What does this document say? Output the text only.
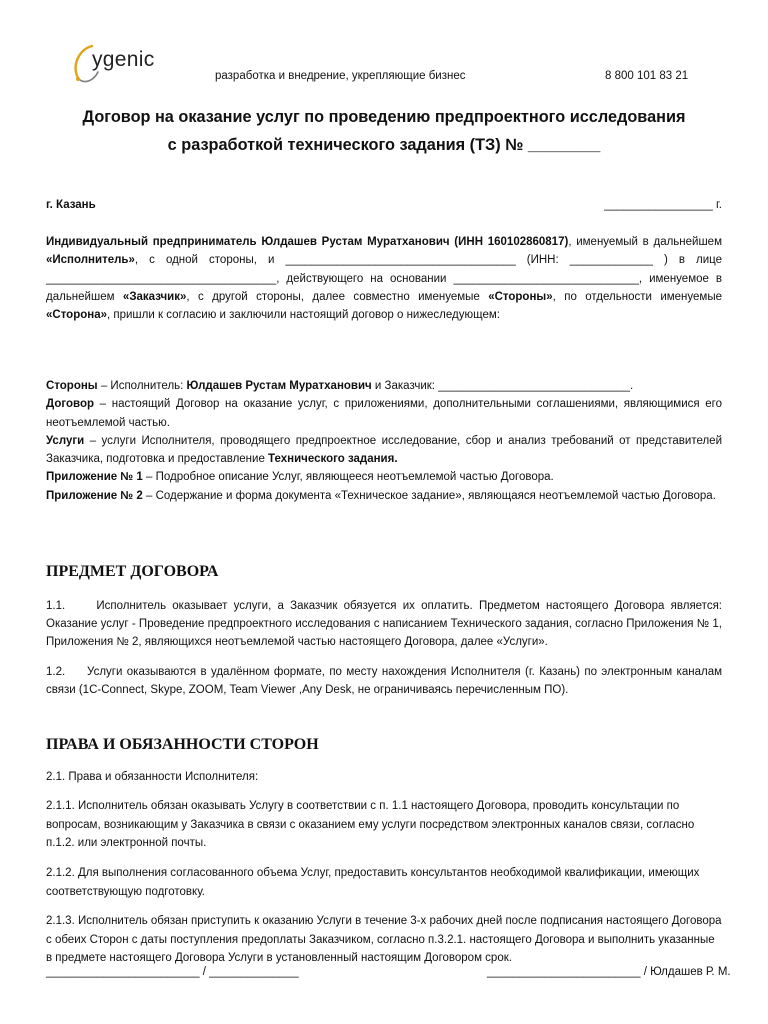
ygenic
разработка и внедрение, укрепляющие бизнес	8 800 101 83 21
Договор на оказание услуг по проведению предпроектного исследования
с разработкой технического задания (ТЗ) № ________
г. Казань	_________________ г.
Индивидуальный предприниматель Юлдашев Рустам Муратханович (ИНН 160102860817), именуемый в дальнейшем «Исполнитель», с одной стороны, и ____________________________________ (ИНН: _____________ ) в лице ____________________________________, действующего на основании _____________________________, именуемое в дальнейшем «Заказчик», с другой стороны, далее совместно именуемые «Стороны», по отдельности именуемые «Сторона», пришли к согласию и заключили настоящий договор о нижеследующем:

Стороны – Исполнитель: Юлдашев Рустам Муратханович и Заказчик: ______________________________.

Договор – настоящий Договор на оказание услуг, с приложениями, дополнительными соглашениями, являющимися его неотъемлемой частью.

Услуги – услуги Исполнителя, проводящего предпроектное исследование, сбор и анализ требований от представителей Заказчика, подготовка и предоставление Технического задания.

Приложение № 1 – Подробное описание Услуг, являющееся неотъемлемой частью Договора.

Приложение № 2 – Содержание и форма документа «Техническое задание», являющаяся неотъемлемой частью Договора.

ПРЕДМЕТ ДОГОВОРА

1.1.     Исполнитель оказывает услуги, а Заказчик обязуется их оплатить. Предметом настоящего Договора является: Оказание услуг - Проведение предпроектного исследования с написанием Технического задания, согласно Приложения № 1, Приложения № 2, являющихся неотъемлемой частью настоящего Договора, далее «Услуги».

1.2.     Услуги оказываются в удалённом формате, по месту нахождения Исполнителя (г. Казань) по электронным каналам связи (1С-Connect, Skype, ZOOM, Team Viewer ,Any Desk, не ограничиваясь перечисленным ПО).

ПРАВА И ОБЯЗАННОСТИ СТОРОН

2.1. Права и обязанности Исполнителя:

2.1.1. Исполнитель обязан оказывать Услугу в соответствии с п. 1.1 настоящего Договора, проводить консультации по вопросам, возникающим у Заказчика в связи с оказанием ему услуги посредством электронных каналов связи, согласно п.1.2. или электронной почты.

2.1.2. Для выполнения согласованного объема Услуг, предоставить консультантов необходимой квалификации, имеющих соответствующую подготовку.

2.1.3. Исполнитель обязан приступить к оказанию Услуги в течение 3-х рабочих дней после подписания настоящего Договора с обеих Сторон с даты поступления предоплаты Заказчиком, согласно п.3.2.1. настоящего Договора и выполнить указанные в предмете настоящего Договора Услуги в установленный настоящим Договором срок.

________________________ / ______________	________________________ / Юлдашев Р. М.
